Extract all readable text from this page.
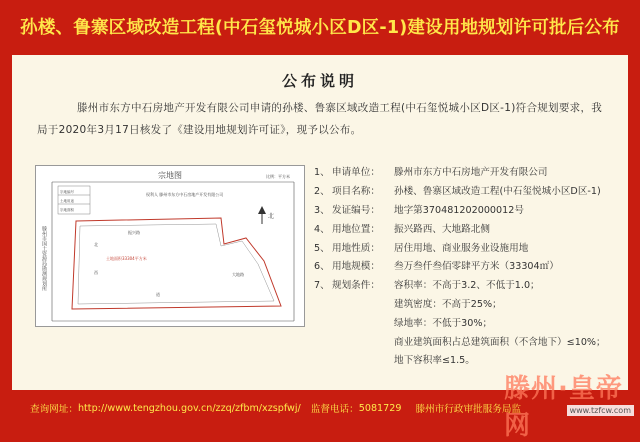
孙楼、鲁寨区域改造工程(中石玺悦城小区D区-1)建设用地规划许可批后公布
公布说明
滕州市东方中石房地产开发有限公司申请的孙楼、鲁寨区域改造工程(中石玺悦城小区D区-1)符合规划要求，我局于2020年3月17日核发了《建设用地规划许可证》，现予以公布。
宗地图	比例：平方米
宗地编号
土地用途
宗地面积
权利人 滕州市东方中石房地产开发有限公司
土地面积33304平方米
振兴路
大地路
北
西
道
北
滕州市国土资源局勘测规划所
1、 申请单位：	滕州市东方中石房地产开发有限公司
2、 项目名称：	孙楼、鲁寨区域改造工程(中石玺悦城小区D区-1)
3、 发证编号：	地字第370481202000012号
4、 用地位置：	振兴路西、大地路北侧
5、 用地性质：	居住用地、商业服务业设施用地
6、 用地规模：	叁万叁仟叁佰零肆平方米（33304㎡）
7、 规划条件：	容积率：不高于3.2、不低于1.0；
建筑密度：不高于25%；
绿地率：不低于30%；
商业建筑面积占总建筑面积（不含地下）≤10%；
地下容积率≤1.5。
查询网址： http://www.tengzhou.gov.cn/zzq/zfbm/xzspfwj/ 监督电话： 5081729 滕州市行政审批服务局监
滕州·皇帝网
www.tzfcw.com
